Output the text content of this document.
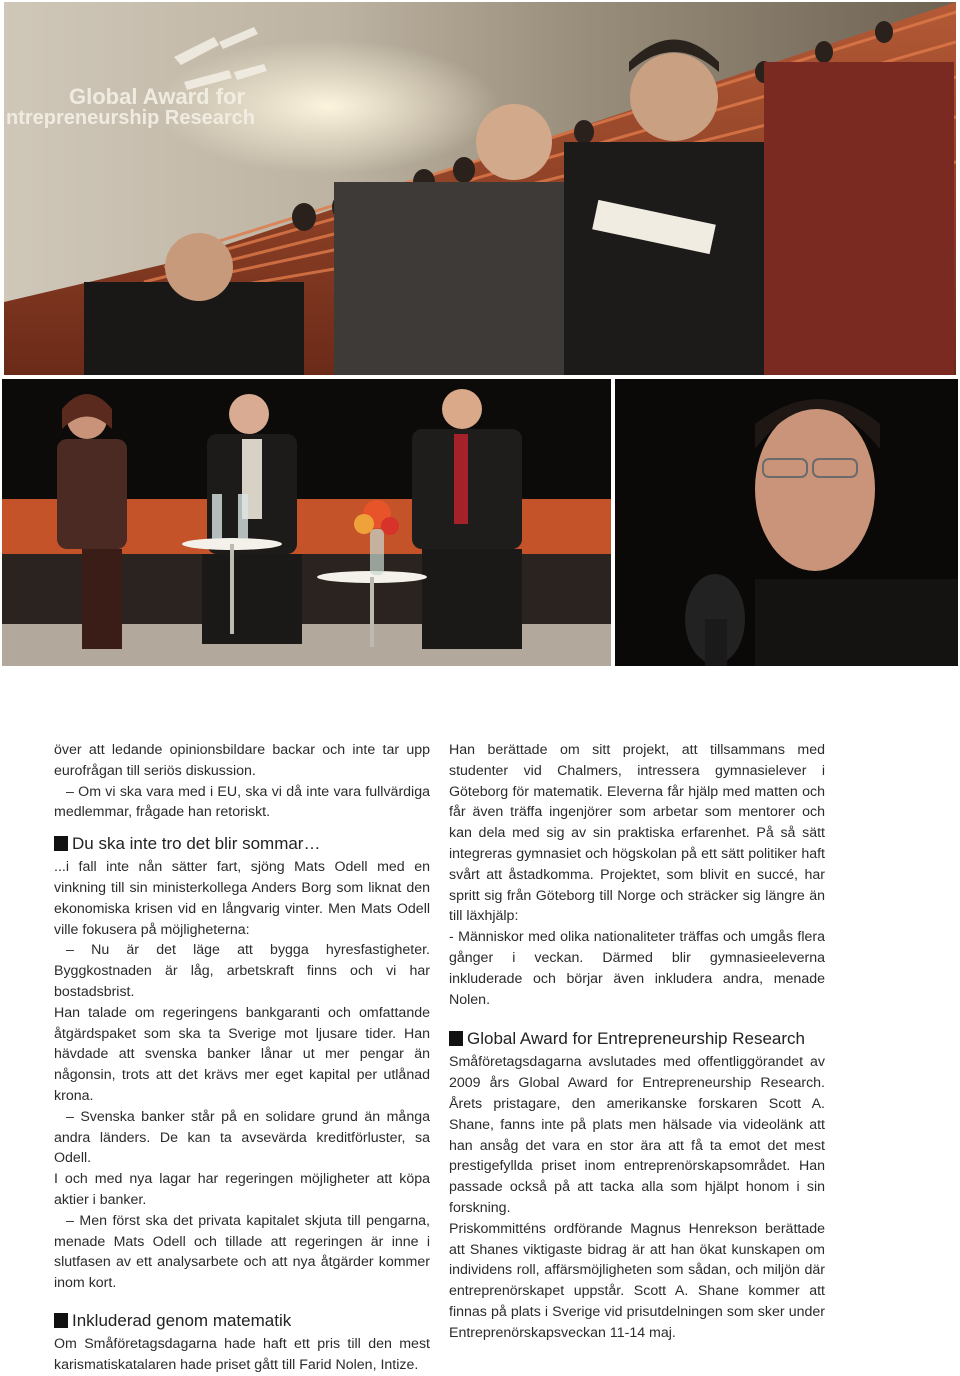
Global Award for
ntrepreneurship Research

över att ledande opinionsbildare backar och inte tar upp eurofrågan till seriös diskussion.

– Om vi ska vara med i EU, ska vi då inte vara fullvärdiga medlemmar, frågade han retoriskt.

Du ska inte tro det blir sommar…

...i fall inte nån sätter fart, sjöng Mats Odell med en vinkning till sin ministerkollega Anders Borg som liknat den ekonomiska krisen vid en långvarig vinter. Men Mats Odell ville fokusera på möjligheterna:

– Nu är det läge att bygga hyresfastigheter. Byggkostnaden är låg, arbetskraft finns och vi har bostadsbrist.

Han talade om regeringens bankgaranti och omfattande åtgärdspaket som ska ta Sverige mot ljusare tider. Han hävdade att svenska banker lånar ut mer pengar än någonsin, trots att det krävs mer eget kapital per utlånad krona.

– Svenska banker står på en solidare grund än många andra länders. De kan ta avsevärda kreditförluster, sa Odell.

I och med nya lagar har regeringen möjligheter att köpa aktier i banker.

– Men först ska det privata kapitalet skjuta till pengarna, menade Mats Odell och tillade att regeringen är inne i slutfasen av ett analysarbete och att nya åtgärder kommer inom kort.

Inkluderad genom matematik

Om Småföretagsdagarna hade haft ett pris till den mest karismatiskatalaren hade priset gått till Farid Nolen, Intize.

Han berättade om sitt projekt, att tillsammans med studenter vid Chalmers, intressera gymnasielever i Göteborg för matematik. Eleverna får hjälp med matten och får även träffa ingenjörer som arbetar som mentorer och kan dela med sig av sin praktiska erfarenhet. På så sätt integreras gymnasiet och högskolan på ett sätt politiker haft svårt att åstadkomma. Projektet, som blivit en succé, har spritt sig från Göteborg till Norge och sträcker sig längre än till läxhjälp:

- Människor med olika nationaliteter träffas och umgås flera gånger i veckan. Därmed blir gymnasieeleverna inkluderade och börjar även inkludera andra, menade Nolen.

Global Award for Entrepreneurship Research

Småföretagsdagarna avslutades med offentliggörandet av 2009 års Global Award for Entrepreneurship Research. Årets pristagare, den amerikanske forskaren Scott A. Shane, fanns inte på plats men hälsade via videolänk att han ansåg det vara en stor ära att få ta emot det mest prestigefyllda priset inom entreprenörskapsområdet. Han passade också på att tacka alla som hjälpt honom i sin forskning.

Priskommitténs ordförande Magnus Henrekson berättade att Shanes viktigaste bidrag är att han ökat kunskapen om individens roll, affärsmöjligheten som sådan, och miljön där entreprenörskapet uppstår. Scott A. Shane kommer att finnas på plats i Sverige vid prisutdelningen som sker under Entreprenörskapsveckan 11-14 maj.
